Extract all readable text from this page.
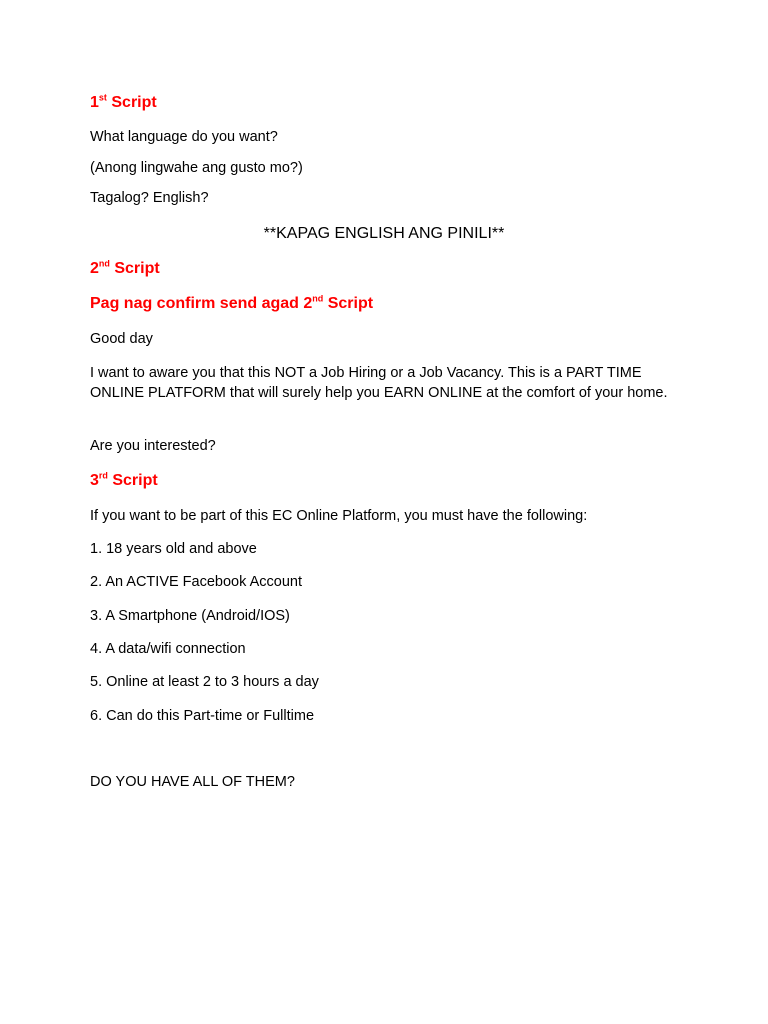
1st Script
What language do you want?
(Anong lingwahe ang gusto mo?)
Tagalog? English?
**KAPAG ENGLISH ANG PINILI**
2nd Script
Pag nag confirm send agad 2nd Script
Good day
I want to aware you that this NOT a Job Hiring or a Job Vacancy. This is a PART TIME ONLINE PLATFORM that will surely help you EARN ONLINE at the comfort of your home.
Are you interested?
3rd Script
If you want to be part of this EC Online Platform, you must have the following:
1. 18 years old and above
2. An ACTIVE Facebook Account
3. A Smartphone (Android/IOS)
4. A data/wifi connection
5. Online at least 2 to 3 hours a day
6. Can do this Part-time or Fulltime
DO YOU HAVE ALL OF THEM?
